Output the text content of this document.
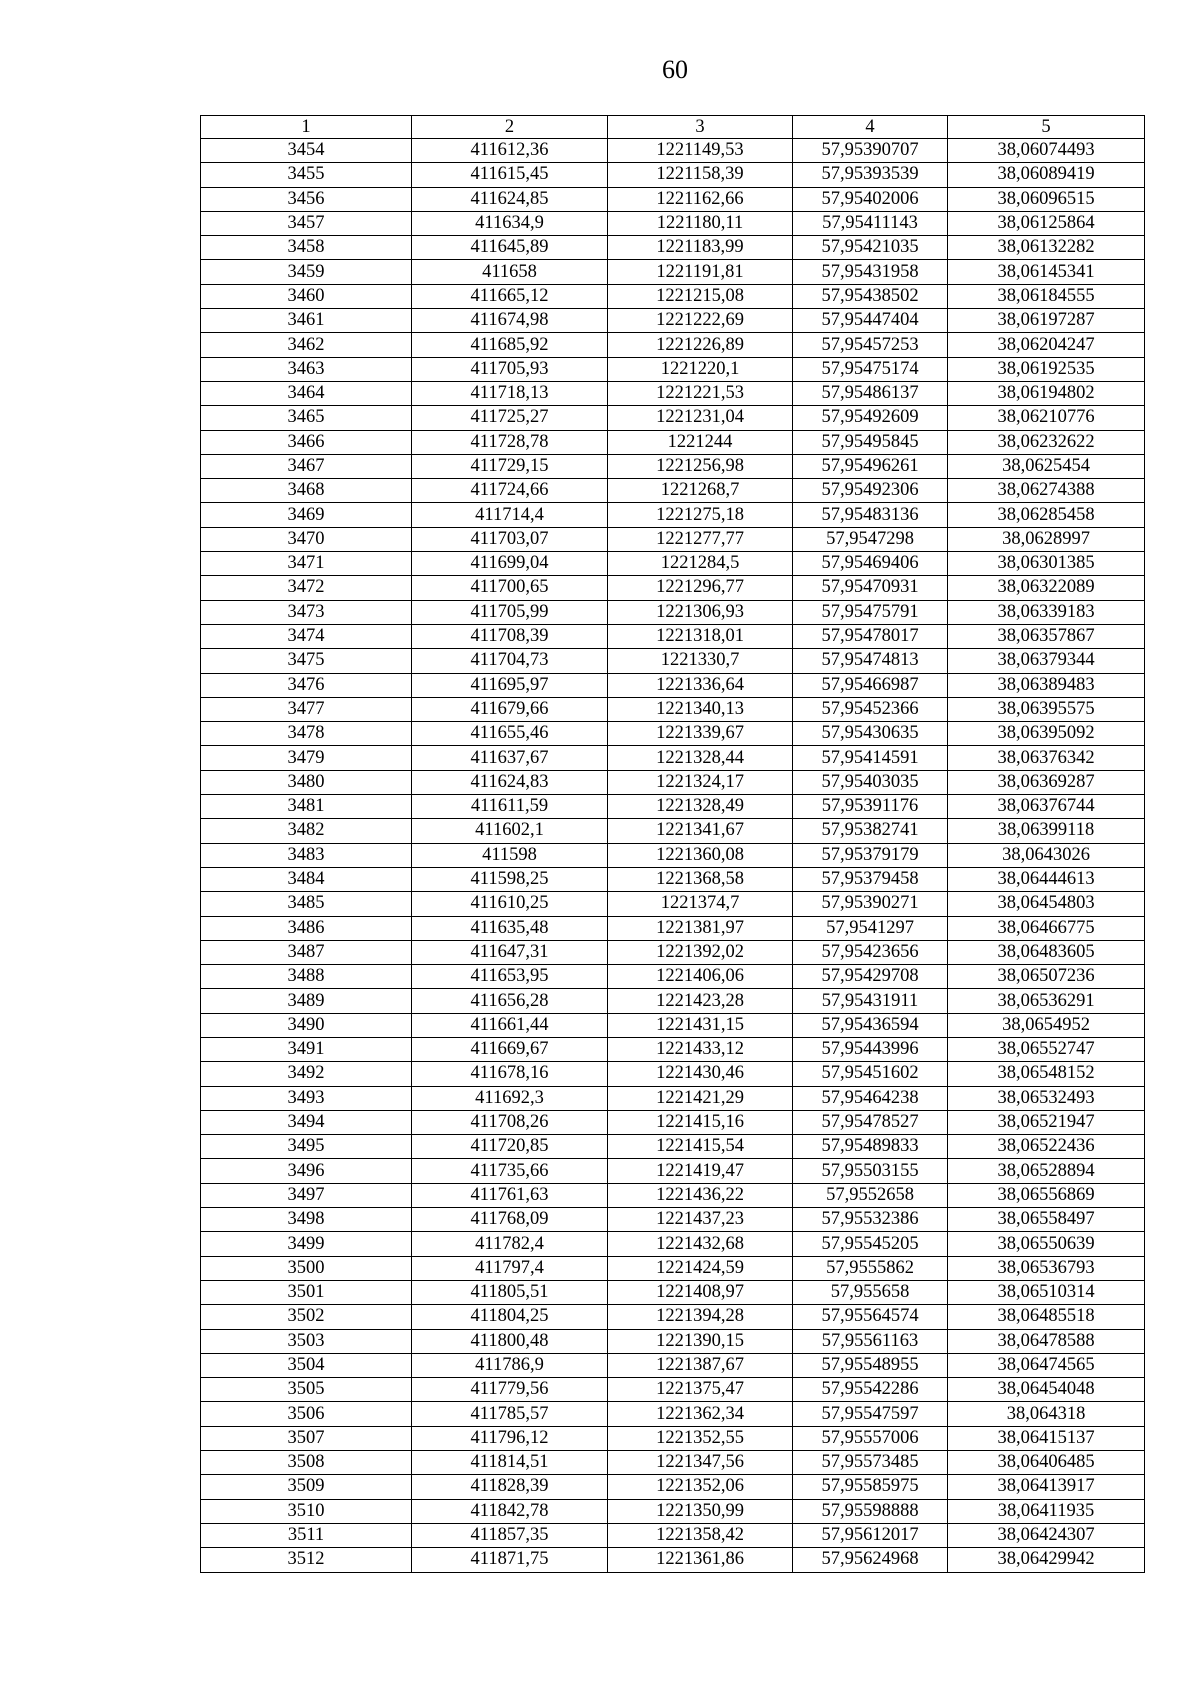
60
1	2	3	4	5
3454	411612,36	1221149,53	57,95390707	38,06074493
3455	411615,45	1221158,39	57,95393539	38,06089419
3456	411624,85	1221162,66	57,95402006	38,06096515
3457	411634,9	1221180,11	57,95411143	38,06125864
3458	411645,89	1221183,99	57,95421035	38,06132282
3459	411658	1221191,81	57,95431958	38,06145341
3460	411665,12	1221215,08	57,95438502	38,06184555
3461	411674,98	1221222,69	57,95447404	38,06197287
3462	411685,92	1221226,89	57,95457253	38,06204247
3463	411705,93	1221220,1	57,95475174	38,06192535
3464	411718,13	1221221,53	57,95486137	38,06194802
3465	411725,27	1221231,04	57,95492609	38,06210776
3466	411728,78	1221244	57,95495845	38,06232622
3467	411729,15	1221256,98	57,95496261	38,0625454
3468	411724,66	1221268,7	57,95492306	38,06274388
3469	411714,4	1221275,18	57,95483136	38,06285458
3470	411703,07	1221277,77	57,9547298	38,0628997
3471	411699,04	1221284,5	57,95469406	38,06301385
3472	411700,65	1221296,77	57,95470931	38,06322089
3473	411705,99	1221306,93	57,95475791	38,06339183
3474	411708,39	1221318,01	57,95478017	38,06357867
3475	411704,73	1221330,7	57,95474813	38,06379344
3476	411695,97	1221336,64	57,95466987	38,06389483
3477	411679,66	1221340,13	57,95452366	38,06395575
3478	411655,46	1221339,67	57,95430635	38,06395092
3479	411637,67	1221328,44	57,95414591	38,06376342
3480	411624,83	1221324,17	57,95403035	38,06369287
3481	411611,59	1221328,49	57,95391176	38,06376744
3482	411602,1	1221341,67	57,95382741	38,06399118
3483	411598	1221360,08	57,95379179	38,0643026
3484	411598,25	1221368,58	57,95379458	38,06444613
3485	411610,25	1221374,7	57,95390271	38,06454803
3486	411635,48	1221381,97	57,9541297	38,06466775
3487	411647,31	1221392,02	57,95423656	38,06483605
3488	411653,95	1221406,06	57,95429708	38,06507236
3489	411656,28	1221423,28	57,95431911	38,06536291
3490	411661,44	1221431,15	57,95436594	38,0654952
3491	411669,67	1221433,12	57,95443996	38,06552747
3492	411678,16	1221430,46	57,95451602	38,06548152
3493	411692,3	1221421,29	57,95464238	38,06532493
3494	411708,26	1221415,16	57,95478527	38,06521947
3495	411720,85	1221415,54	57,95489833	38,06522436
3496	411735,66	1221419,47	57,95503155	38,06528894
3497	411761,63	1221436,22	57,9552658	38,06556869
3498	411768,09	1221437,23	57,95532386	38,06558497
3499	411782,4	1221432,68	57,95545205	38,06550639
3500	411797,4	1221424,59	57,9555862	38,06536793
3501	411805,51	1221408,97	57,955658	38,06510314
3502	411804,25	1221394,28	57,95564574	38,06485518
3503	411800,48	1221390,15	57,95561163	38,06478588
3504	411786,9	1221387,67	57,95548955	38,06474565
3505	411779,56	1221375,47	57,95542286	38,06454048
3506	411785,57	1221362,34	57,95547597	38,064318
3507	411796,12	1221352,55	57,95557006	38,06415137
3508	411814,51	1221347,56	57,95573485	38,06406485
3509	411828,39	1221352,06	57,95585975	38,06413917
3510	411842,78	1221350,99	57,95598888	38,06411935
3511	411857,35	1221358,42	57,95612017	38,06424307
3512	411871,75	1221361,86	57,95624968	38,06429942
